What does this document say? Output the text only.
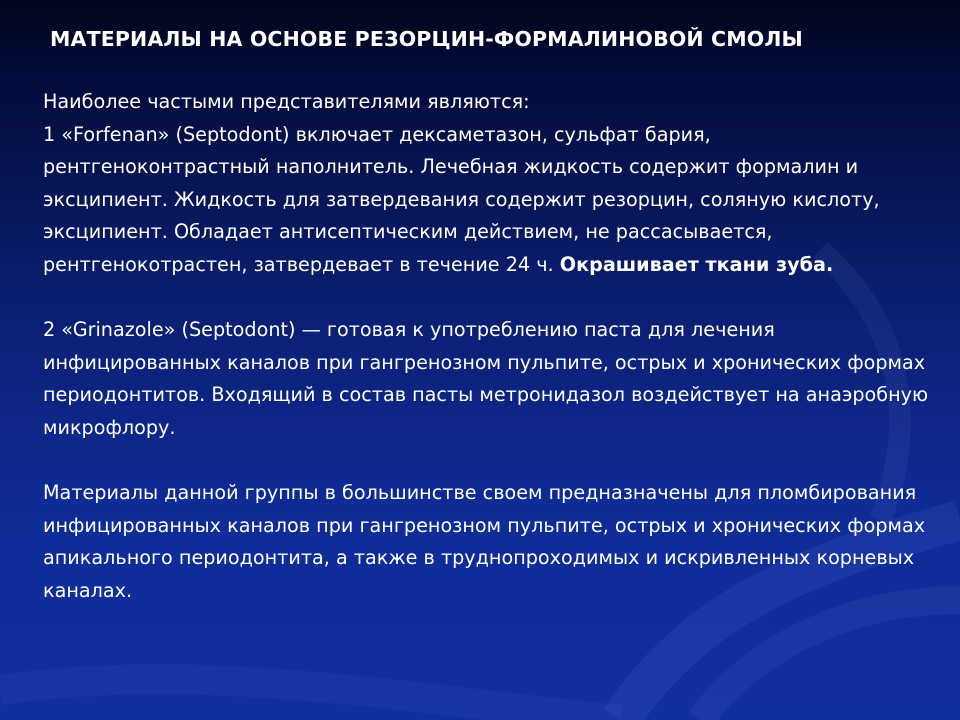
МАТЕРИАЛЫ НА ОСНОВЕ РЕЗОРЦИН-ФОРМАЛИНОВОЙ СМОЛЫ

Наиболее частыми представителями являются:

1 «Forfenan» (Septodont) включает дексаметазон, сульфат бария, рентгеноконтрастный наполнитель. Лечебная жидкость содержит формалин и эксципиент. Жидкость для затвердевания содержит резорцин, соляную кислоту, эксципиент. Обладает антисептическим действием, не рассасывается, рентгенокотрастен, затвердевает в течение 24 ч. Окрашивает ткани зуба.

2 «Grinazole» (Septodont) — готовая к употреблению паста для лечения инфицированных каналов при гангренозном пульпите, острых и хронических формах периодонтитов. Входящий в состав пасты метронидазол воздействует на анаэробную микрофлору.

Материалы данной группы в большинстве своем предназначены для пломбирования инфицированных каналов при гангренозном пульпите, острых и хронических формах апикального периодонтита, а также в труднопроходимых и искривленных корневых каналах.
